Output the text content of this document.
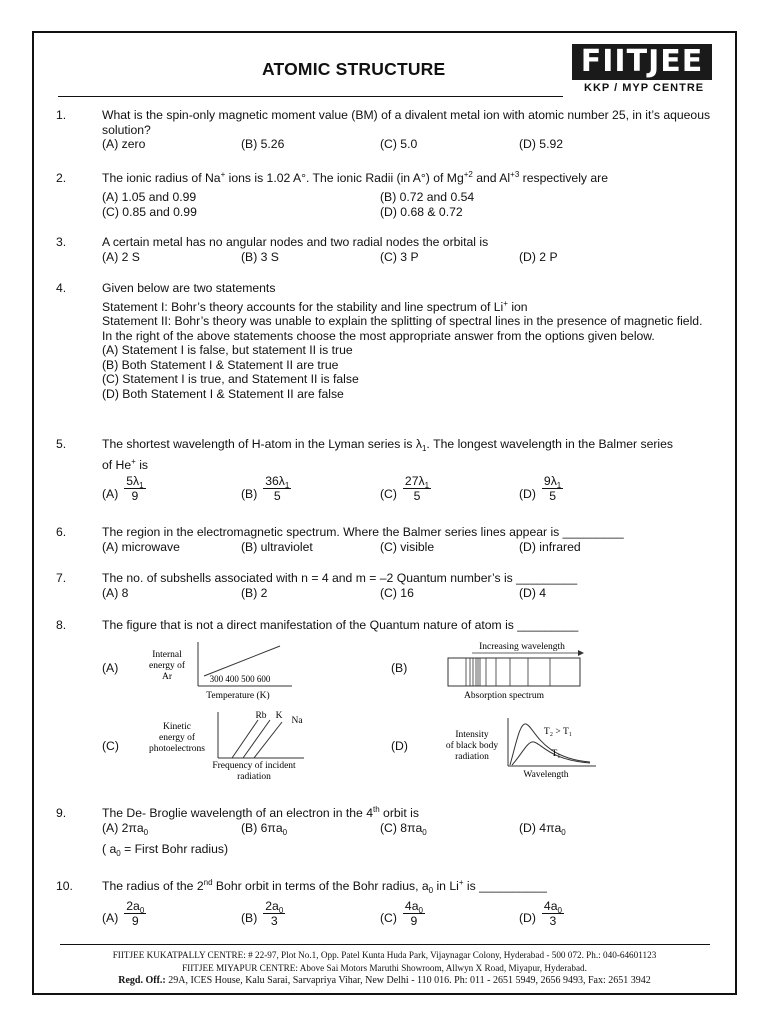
ATOMIC STRUCTURE	FIITJEE
KKP / MYP CENTRE
1.	What is the spin-only magnetic moment value (BM) of a divalent metal ion with atomic number 25, in it’s aqueous solution?
(A) zero	(B) 5.26	(C) 5.0	(D) 5.92
2.	The ionic radius of Na+ ions is 1.02 A°. The ionic Radii (in A°) of $Mg^{+2}$ and $Al^{+3}$ respectively are
(A) 1.05 and 0.99	(B) 0.72 and 0.54
(C) 0.85 and 0.99	(D) 0.68 & 0.72
3.	A certain metal has no angular nodes and two radial nodes the orbital is
(A) 2 S	(B) 3 S	(C) 3 P	(D) 2 P
4.	Given below are two statements
Statement I: Bohr’s theory accounts for the stability and line spectrum of Li+ ion
Statement II: Bohr’s theory was unable to explain the splitting of spectral lines in the presence of magnetic field.
In the right of the above statements choose the most appropriate answer from the options given below.
(A) Statement I is false, but statement II is true
(B) Both Statement I & Statement II are true
(C) Statement I is true, and Statement II is false
(D) Both Statement I & Statement II are false
5.	The shortest wavelength of H-atom in the Lyman series is $\lambda_1$. The longest wavelength in the Balmer series
of He+ is
$(A) \frac{5\lambda_1}{9}$	$(B) \frac{36\lambda_1}{5}$	$(C) \frac{27\lambda_1}{5}$	$(D) \frac{9\lambda_1}{5}$
6.	The region in the electromagnetic spectrum. Where the Balmer series lines appear is _________
(A) microwave	(B) ultraviolet	(C) visible	(D) infrared
7.	The no. of subshells associated with n = 4 and m = –2 Quantum number’s is _________
(A) 8	(B) 2	(C) 16	(D) 4
8.	The figure that is not a direct manifestation of the Quantum nature of atom is _________
(A)	(B)
(C)	(D)
Internal
energy of
Ar	300 400 500 600
Temperature (K)
Increasing wavelength
Absorption spectrum
Kinetic
energy of
photoelectrons
Rb K Na
Frequency of incident
radiation
Intensity
of black body
radiation
T₂ > T₁
T₁
Wavelength
9.	The De- Broglie wavelength of an electron in the 4th orbit is
(A) $2\pi a_0$	(B) $6\pi a_0$	(C) $8\pi a_0$	(D) $4\pi a_0$
( $a_0$ = First Bohr radius)
10. The radius of the 2nd Bohr orbit in terms of the Bohr radius, $a_0$ in Li+ is __________
$(A) \frac{2a_0}{9}$	$(B) \frac{2a_0}{3}$	$(C) \frac{4a_0}{9}$	$(D) \frac{4a_0}{3}$
FIITJEE KUKATPALLY CENTRE: # 22-97, Plot No.1, Opp. Patel Kunta Huda Park, Vijaynagar Colony, Hyderabad - 500 072. Ph.: 040-64601123
FIITJEE MIYAPUR CENTRE: Above Sai Motors Maruthi Showroom, Allwyn X Road, Miyapur, Hyderabad.
Regd. Off.: 29A, ICES House, Kalu Sarai, Sarvapriya Vihar, New Delhi - 110 016. Ph: 011 - 2651 5949, 2656 9493, Fax: 2651 3942
